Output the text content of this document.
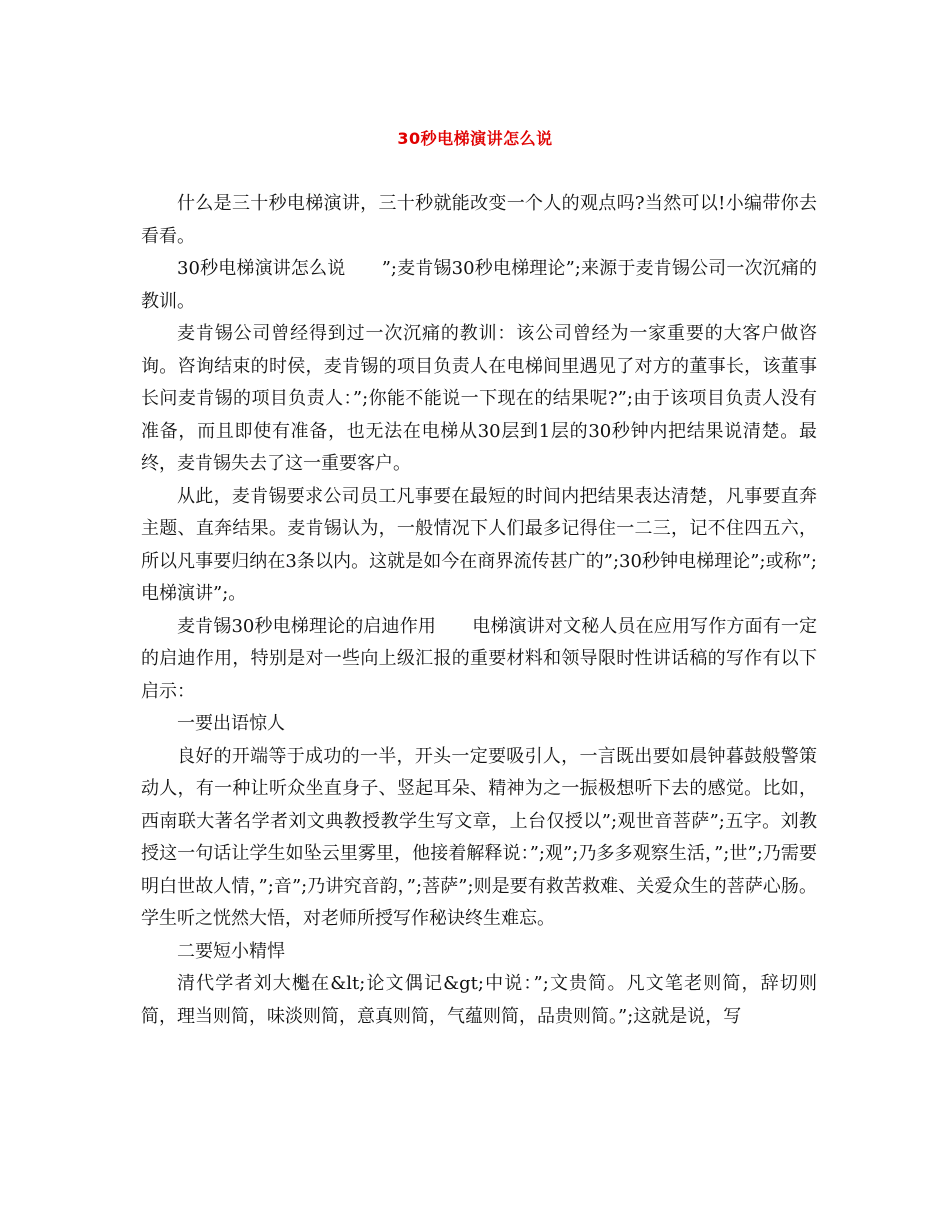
30秒电梯演讲怎么说

什么是三十秒电梯演讲，三十秒就能改变一个人的观点吗?当然可以!小编带你去看看。

30秒电梯演讲怎么说　　”;麦肯锡30秒电梯理论”;来源于麦肯锡公司一次沉痛的教训。

麦肯锡公司曾经得到过一次沉痛的教训：该公司曾经为一家重要的大客户做咨询。咨询结束的时侯，麦肯锡的项目负责人在电梯间里遇见了对方的董事长，该董事长问麦肯锡的项目负责人：”;你能不能说一下现在的结果呢?”;由于该项目负责人没有准备，而且即使有准备，也无法在电梯从30层到1层的30秒钟内把结果说清楚。最终，麦肯锡失去了这一重要客户。

从此，麦肯锡要求公司员工凡事要在最短的时间内把结果表达清楚，凡事要直奔主题、直奔结果。麦肯锡认为，一般情况下人们最多记得住一二三，记不住四五六，所以凡事要归纳在3条以内。这就是如今在商界流传甚广的”;30秒钟电梯理论”;或称”;电梯演讲”;。

麦肯锡30秒电梯理论的启迪作用　　电梯演讲对文秘人员在应用写作方面有一定的启迪作用，特别是对一些向上级汇报的重要材料和领导限时性讲话稿的写作有以下启示：

一要出语惊人

良好的开端等于成功的一半，开头一定要吸引人，一言既出要如晨钟暮鼓般警策动人，有一种让听众坐直身子、竖起耳朵、精神为之一振极想听下去的感觉。比如，西南联大著名学者刘文典教授教学生写文章，上台仅授以”;观世音菩萨”;五字。刘教授这一句话让学生如坠云里雾里，他接着解释说：”;观”;乃多多观察生活，”;世”;乃需要明白世故人情，”;音”;乃讲究音韵，”;菩萨”;则是要有救苦救难、关爱众生的菩萨心肠。学生听之恍然大悟，对老师所授写作秘诀终生难忘。

二要短小精悍

清代学者刘大櫆在&lt;论文偶记&gt;中说：”;文贵简。凡文笔老则简，辞切则简，理当则简，味淡则简，意真则简，气蕴则简，品贵则简。”;这就是说，写
